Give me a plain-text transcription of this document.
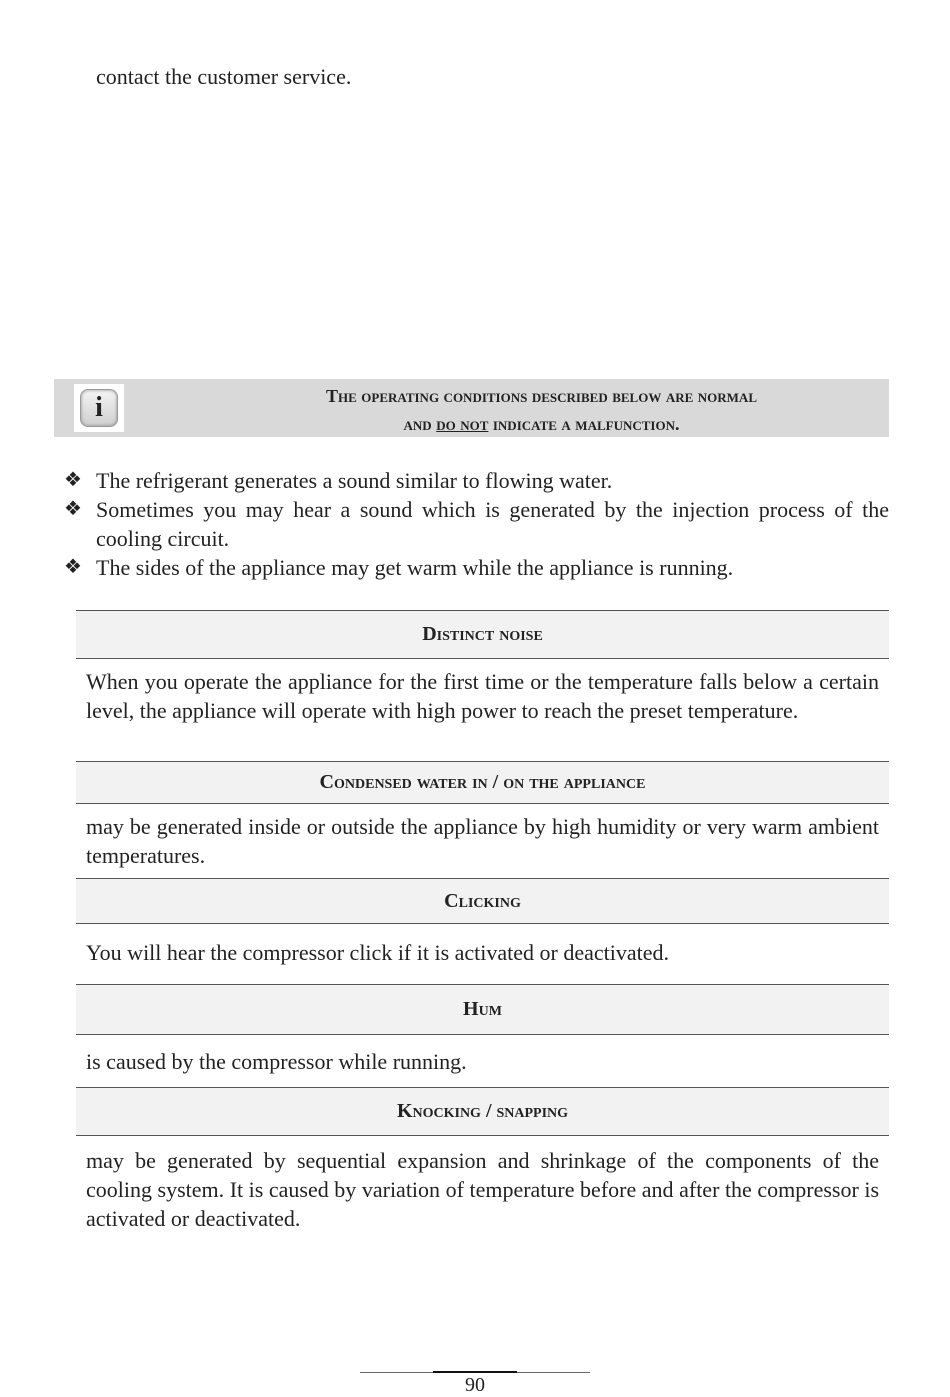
contact the customer service.
i	The operating conditions described below are normal
and do not indicate a malfunction.
❖ The refrigerant generates a sound similar to flowing water.
❖ Sometimes you may hear a sound which is generated by the injection process of the cooling circuit.
❖ The sides of the appliance may get warm while the appliance is running.
Distinct noise
When you operate the appliance for the first time or the temperature falls below a certain level, the appliance will operate with high power to reach the preset temperature.
Condensed water in / on the appliance
may be generated inside or outside the appliance by high humidity or very warm ambient temperatures.
Clicking
You will hear the compressor click if it is activated or deactivated.
Hum
is caused by the compressor while running.
Knocking / snapping
may be generated by sequential expansion and shrinkage of the components of the cooling system. It is caused by variation of temperature before and after the compressor is activated or deactivated.
90
